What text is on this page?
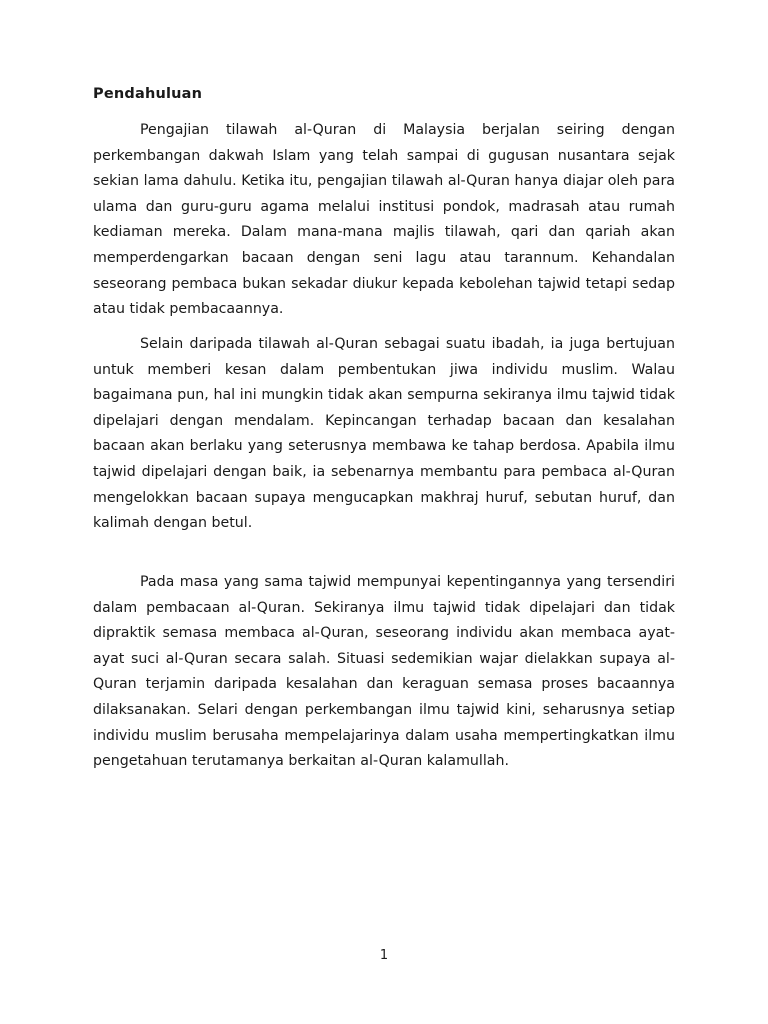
Pendahuluan

Pengajian tilawah al-Quran di Malaysia berjalan seiring dengan perkembangan dakwah Islam yang telah sampai di gugusan nusantara sejak sekian lama dahulu. Ketika itu, pengajian tilawah al-Quran hanya diajar oleh para ulama dan guru-guru agama melalui institusi pondok, madrasah atau rumah kediaman mereka. Dalam mana-mana majlis tilawah, qari dan qariah akan memperdengarkan bacaan dengan seni lagu atau tarannum. Kehandalan seseorang pembaca bukan sekadar diukur kepada kebolehan tajwid tetapi sedap atau tidak pembacaannya.

Selain daripada tilawah al-Quran sebagai suatu ibadah, ia juga bertujuan untuk memberi kesan dalam pembentukan jiwa individu muslim. Walau bagaimana pun, hal ini mungkin tidak akan sempurna sekiranya ilmu tajwid tidak dipelajari dengan mendalam. Kepincangan terhadap bacaan dan kesalahan bacaan akan berlaku yang seterusnya membawa ke tahap berdosa. Apabila ilmu tajwid dipelajari dengan baik, ia sebenarnya membantu para pembaca al-Quran mengelokkan bacaan supaya mengucapkan makhraj huruf, sebutan huruf, dan kalimah dengan betul.

Pada masa yang sama tajwid mempunyai kepentingannya yang tersendiri dalam pembacaan al-Quran. Sekiranya ilmu tajwid tidak dipelajari dan tidak dipraktik semasa membaca al-Quran, seseorang individu akan membaca ayat-ayat suci al-Quran secara salah. Situasi sedemikian wajar dielakkan supaya al-Quran terjamin daripada kesalahan dan keraguan semasa proses bacaannya dilaksanakan. Selari dengan perkembangan ilmu tajwid kini, seharusnya setiap individu muslim berusaha mempelajarinya dalam usaha mempertingkatkan ilmu pengetahuan terutamanya berkaitan al-Quran kalamullah.

1
